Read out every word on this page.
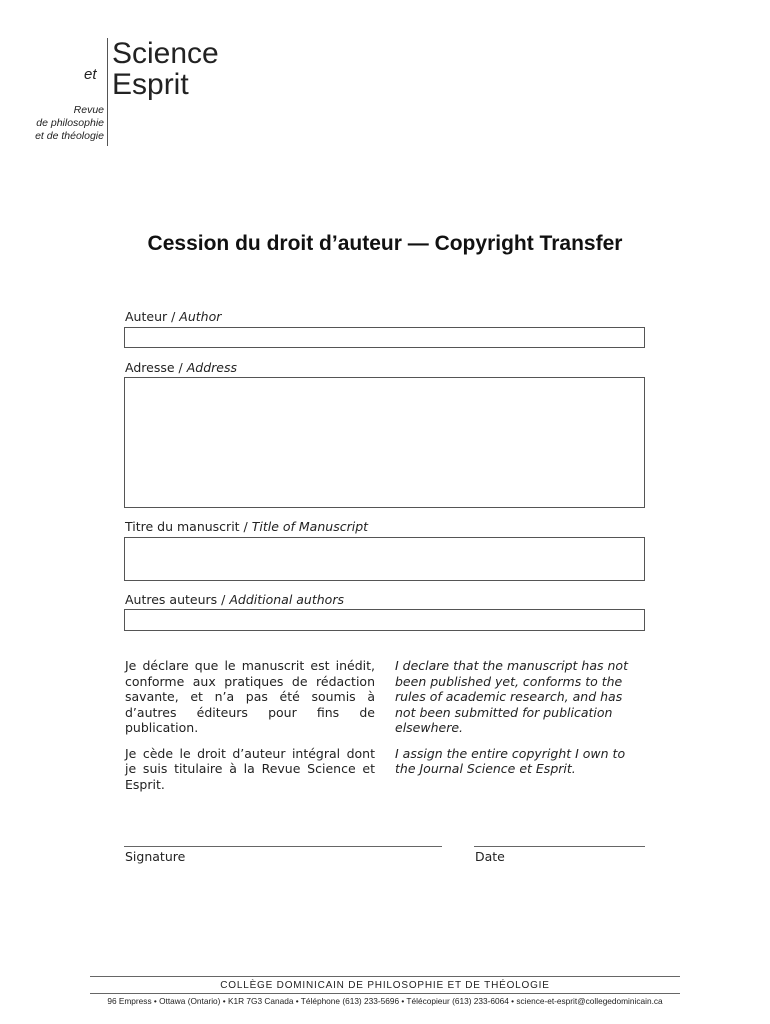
Science
et Esprit
Revue
de philosophie
et de théologie
Cession du droit d’auteur — Copyright Transfer
Auteur / Author
Adresse / Address
Titre du manuscrit / Title of Manuscript
Autres auteurs / Additional authors

Je déclare que le manuscrit est inédit, conforme aux pratiques de rédaction savante, et n’a pas été soumis à d’autres éditeurs pour fins de publication.

Je cède le droit d’auteur intégral dont je suis titulaire à la Revue Science et Esprit.

I declare that the manuscript has not been published yet, conforms to the rules of academic research, and has not been submitted for publication elsewhere.

I assign the entire copyright I own to the Journal Science et Esprit.

Signature	Date
COLLÈGE DOMINICAIN DE PHILOSOPHIE ET DE THÉOLOGIE
96 Empress • Ottawa (Ontario) • K1R 7G3 Canada • Téléphone (613) 233-5696 • Télécopieur (613) 233-6064 • science-et-esprit@collegedominicain.ca
